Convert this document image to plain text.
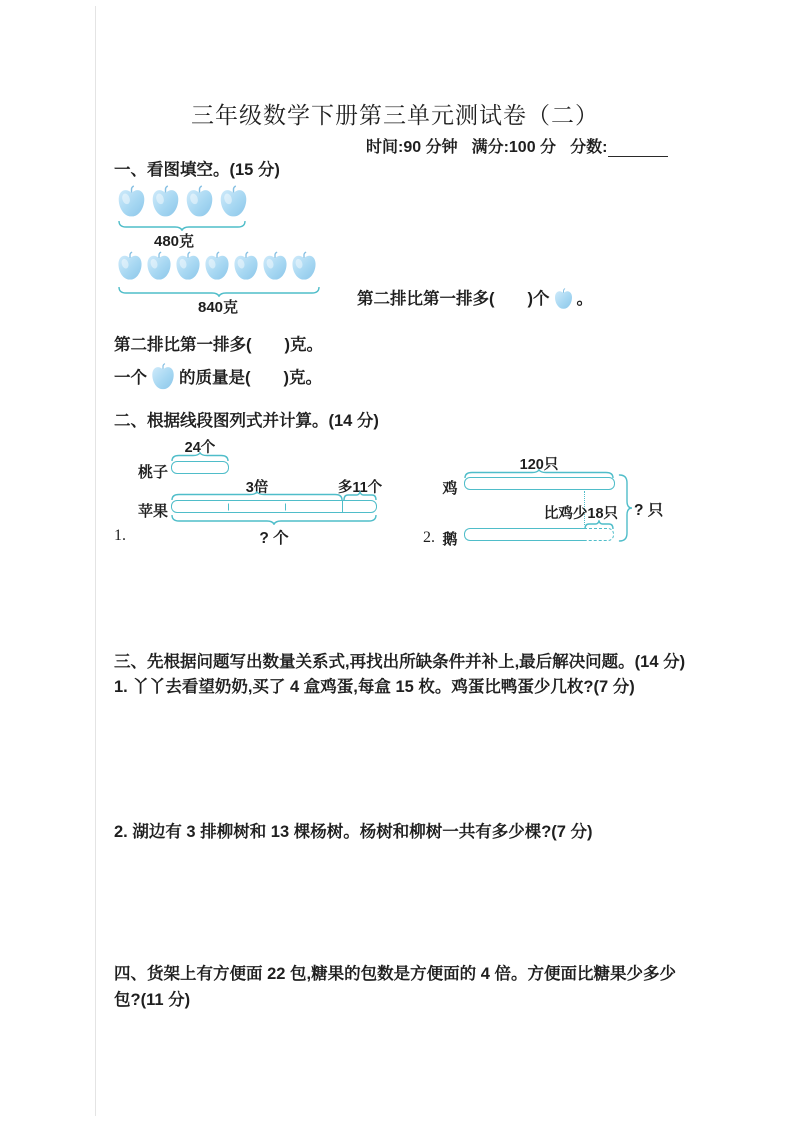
三年级数学下册第三单元测试卷（二）
时间:90 分钟 满分:100 分 分数:
一、看图填空。(15 分)
480克
840克	第二排比第一排多(　　)个 。
第二排比第一排多(　　)克。
一个 的质量是(　　)克。
二、根据线段图列式并计算。(14 分)
24个
桃子
3倍	多11个
苹果
? 个
1.
120只
鸡
比鸡少18只
2. 鹅
? 只
三、先根据问题写出数量关系式,再找出所缺条件并补上,最后解决问题。(14 分)
1. 丫丫去看望奶奶,买了 4 盒鸡蛋,每盒 15 枚。鸡蛋比鸭蛋少几枚?(7 分)
2. 湖边有 3 排柳树和 13 棵杨树。杨树和柳树一共有多少棵?(7 分)
四、货架上有方便面 22 包,糖果的包数是方便面的 4 倍。方便面比糖果少多少
包?(11 分)
